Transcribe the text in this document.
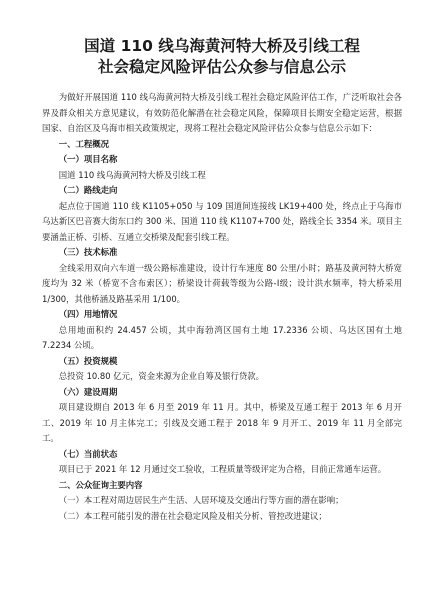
国道 110 线乌海黄河特大桥及引线工程
社会稳定风险评估公众参与信息公示

为做好开展国道 110 线乌海黄河特大桥及引线工程社会稳定风险评估工作，广泛听取社会各界及群众相关方意见建议，有效防范化解潜在社会稳定风险，保障项目长期安全稳定运营，根据国家、自治区及乌海市相关政策规定，现将工程社会稳定风险评估公众参与信息公示如下：

一、工程概况

（一）项目名称

国道 110 线乌海黄河特大桥及引线工程

（二）路线走向

起点位于国道 110 线 K1105+050 与 109 国道间连接线 LK19+400 处，终点止于乌海市乌达新区巴音赛大街东口约 300 米、国道 110 线 K1107+700 处，路线全长 3354 米。项目主要涵盖正桥、引桥、互通立交桥梁及配套引线工程。

（三）技术标准

全线采用双向六车道一级公路标准建设，设计行车速度 80 公里/小时；路基及黄河特大桥宽度均为 32 米（桥宽不含布索区）；桥梁设计荷载等级为公路-Ⅰ级；设计洪水频率，特大桥采用 1/300，其他桥涵及路基采用 1/100。

（四）用地情况

总用地面积约 24.457 公顷，其中海勃湾区国有土地 17.2336 公顷、乌达区国有土地 7.2234 公顷。

（五）投资规模

总投资 10.80 亿元，资金来源为企业自筹及银行贷款。

（六）建设周期

项目建设期自 2013 年 6 月至 2019 年 11 月。其中，桥梁及互通工程于 2013 年 6 月开工、2019 年 10 月主体完工；引线及交通工程于 2018 年 9 月开工、2019 年 11 月全部完工。

（七）当前状态

项目已于 2021 年 12 月通过交工验收，工程质量等级评定为合格，目前正常通车运营。

二、公众征询主要内容

（一）本工程对周边居民生产生活、人居环境及交通出行等方面的潜在影响；

（二）本工程可能引发的潜在社会稳定风险及相关分析、管控改进建议；
